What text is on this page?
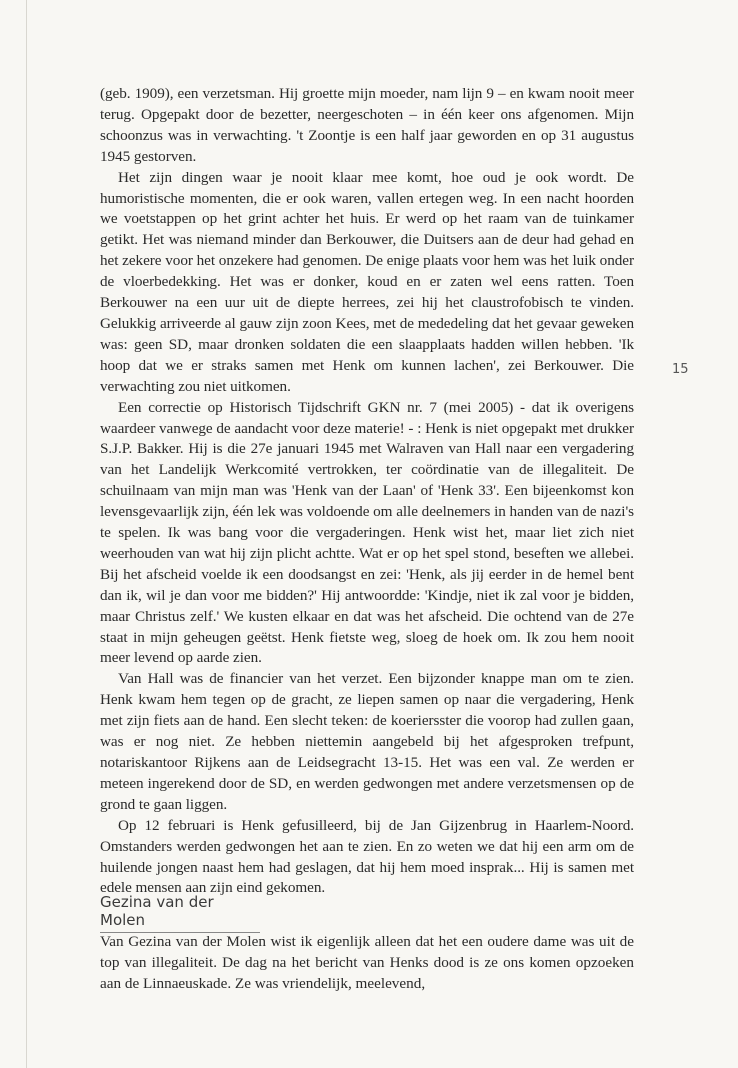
(geb. 1909), een verzetsman. Hij groette mijn moeder, nam lijn 9 – en kwam nooit meer terug. Opgepakt door de bezetter, neergeschoten – in één keer ons afgenomen. Mijn schoonzus was in verwachting. 't Zoontje is een half jaar geworden en op 31 augustus 1945 gestorven.

Het zijn dingen waar je nooit klaar mee komt, hoe oud je ook wordt. De humoristische momenten, die er ook waren, vallen ertegen weg. In een nacht hoorden we voetstappen op het grint achter het huis. Er werd op het raam van de tuinkamer getikt. Het was niemand minder dan Berkouwer, die Duitsers aan de deur had gehad en het zekere voor het onzekere had genomen. De enige plaats voor hem was het luik onder de vloerbedekking. Het was er donker, koud en er zaten wel eens ratten. Toen Berkouwer na een uur uit de diepte herrees, zei hij het claustrofobisch te vinden. Gelukkig arriveerde al gauw zijn zoon Kees, met de mededeling dat het gevaar geweken was: geen SD, maar dronken soldaten die een slaapplaats hadden willen hebben. 'Ik hoop dat we er straks samen met Henk om kunnen lachen', zei Berkouwer. Die verwachting zou niet uitkomen.

Een correctie op Historisch Tijdschrift GKN nr. 7 (mei 2005) - dat ik overigens waardeer vanwege de aandacht voor deze materie! - : Henk is niet opgepakt met drukker S.J.P. Bakker. Hij is die 27e januari 1945 met Walraven van Hall naar een vergadering van het Landelijk Werkcomité vertrokken, ter coördinatie van de illegaliteit. De schuilnaam van mijn man was 'Henk van der Laan' of 'Henk 33'. Een bijeenkomst kon levensgevaarlijk zijn, één lek was voldoende om alle deelnemers in handen van de nazi's te spelen. Ik was bang voor die vergaderingen. Henk wist het, maar liet zich niet weerhouden van wat hij zijn plicht achtte. Wat er op het spel stond, beseften we allebei. Bij het afscheid voelde ik een doodsangst en zei: 'Henk, als jij eerder in de hemel bent dan ik, wil je dan voor me bidden?' Hij antwoordde: 'Kindje, niet ik zal voor je bidden, maar Christus zelf.' We kusten elkaar en dat was het afscheid. Die ochtend van de 27e staat in mijn geheugen geëtst. Henk fietste weg, sloeg de hoek om. Ik zou hem nooit meer levend op aarde zien.

Van Hall was de financier van het verzet. Een bijzonder knappe man om te zien. Henk kwam hem tegen op de gracht, ze liepen samen op naar die vergadering, Henk met zijn fiets aan de hand. Een slecht teken: de koeriersster die voorop had zullen gaan, was er nog niet. Ze hebben niettemin aangebeld bij het afgesproken trefpunt, notariskantoor Rijkens aan de Leidsegracht 13-15. Het was een val. Ze werden er meteen ingerekend door de SD, en werden gedwongen met andere verzetsmensen op de grond te gaan liggen.

Op 12 februari is Henk gefusilleerd, bij de Jan Gijzenbrug in Haarlem-Noord. Omstanders werden gedwongen het aan te zien. En zo weten we dat hij een arm om de huilende jongen naast hem had geslagen, dat hij hem moed insprak... Hij is samen met edele mensen aan zijn eind gekomen.

15
Gezina van der Molen

Van Gezina van der Molen wist ik eigenlijk alleen dat het een oudere dame was uit de top van illegaliteit. De dag na het bericht van Henks dood is ze ons komen opzoeken aan de Linnaeuskade. Ze was vriendelijk, meelevend,
